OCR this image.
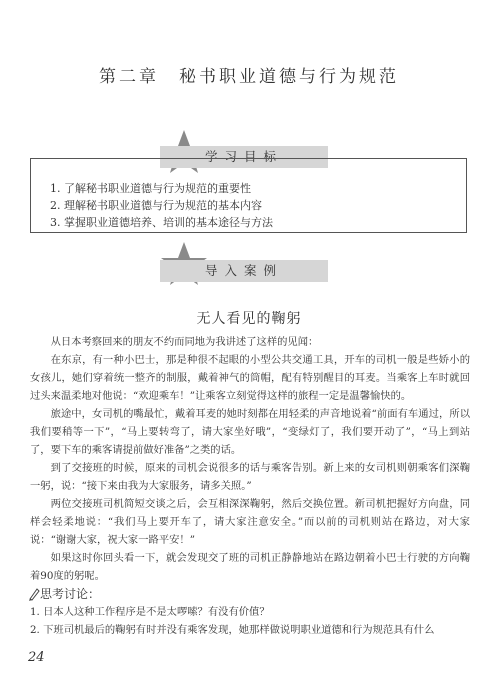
第二章　秘书职业道德与行为规范
学习目标
1. 了解秘书职业道德与行为规范的重要性
2. 理解秘书职业道德与行为规范的基本内容
3. 掌握职业道德培养、培训的基本途径与方法
导入案例
无人看见的鞠躬

从日本考察回来的朋友不约而同地为我讲述了这样的见闻：

在东京，有一种小巴士，那是种很不起眼的小型公共交通工具，开车的司机一般是些娇小的女孩儿，她们穿着统一整齐的制服，戴着神气的筒帽，配有特别醒目的耳麦。当乘客上车时就回过头来温柔地对他说：“欢迎乘车！”让乘客立刻觉得这样的旅程一定是温馨愉快的。

旅途中，女司机的嘴最忙，戴着耳麦的她时刻都在用轻柔的声音地说着“前面有车通过，所以我们要稍等一下”，“马上要转弯了，请大家坐好哦”，“变绿灯了，我们要开动了”，“马上到站了，要下车的乘客请提前做好准备”之类的话。

到了交接班的时候，原来的司机会说很多的话与乘客告别。新上来的女司机则朝乘客们深鞠一躬，说：“接下来由我为大家服务，请多关照。”

两位交接班司机简短交谈之后，会互相深深鞠躬，然后交换位置。新司机把握好方向盘，同样会轻柔地说：“我们马上要开车了，请大家注意安全。”而以前的司机则站在路边，对大家说：“谢谢大家，祝大家一路平安！”

如果这时你回头看一下，就会发现交了班的司机正静静地站在路边朝着小巴士行驶的方向鞠着90度的躬呢。

思考讨论：
1. 日本人这种工作程序是不是太啰嗦？有没有价值？
2. 下班司机最后的鞠躬有时并没有乘客发现，她那样做说明职业道德和行为规范具有什么
24
